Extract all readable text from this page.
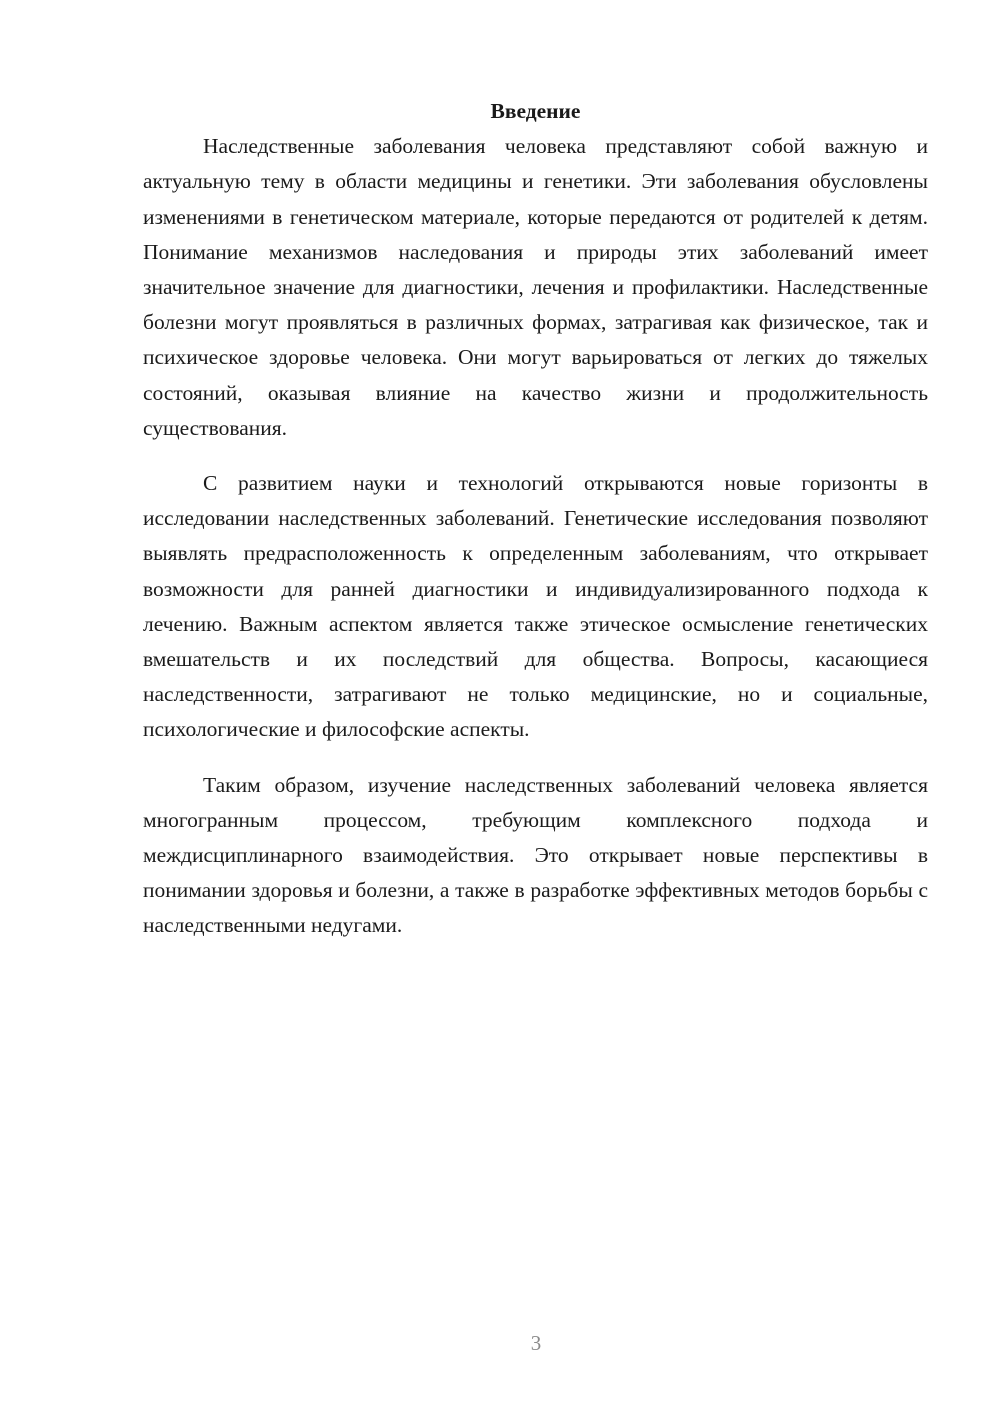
Введение

Наследственные заболевания человека представляют собой важную и актуальную тему в области медицины и генетики. Эти заболевания обусловлены изменениями в генетическом материале, которые передаются от родителей к детям. Понимание механизмов наследования и природы этих заболеваний имеет значительное значение для диагностики, лечения и профилактики. Наследственные болезни могут проявляться в различных формах, затрагивая как физическое, так и психическое здоровье человека. Они могут варьироваться от легких до тяжелых состояний, оказывая влияние на качество жизни и продолжительность существования.

С развитием науки и технологий открываются новые горизонты в исследовании наследственных заболеваний. Генетические исследования позволяют выявлять предрасположенность к определенным заболеваниям, что открывает возможности для ранней диагностики и индивидуализированного подхода к лечению. Важным аспектом является также этическое осмысление генетических вмешательств и их последствий для общества. Вопросы, касающиеся наследственности, затрагивают не только медицинские, но и социальные, психологические и философские аспекты.

Таким образом, изучение наследственных заболеваний человека является многогранным процессом, требующим комплексного подхода и междисциплинарного взаимодействия. Это открывает новые перспективы в понимании здоровья и болезни, а также в разработке эффективных методов борьбы с наследственными недугами.

3
